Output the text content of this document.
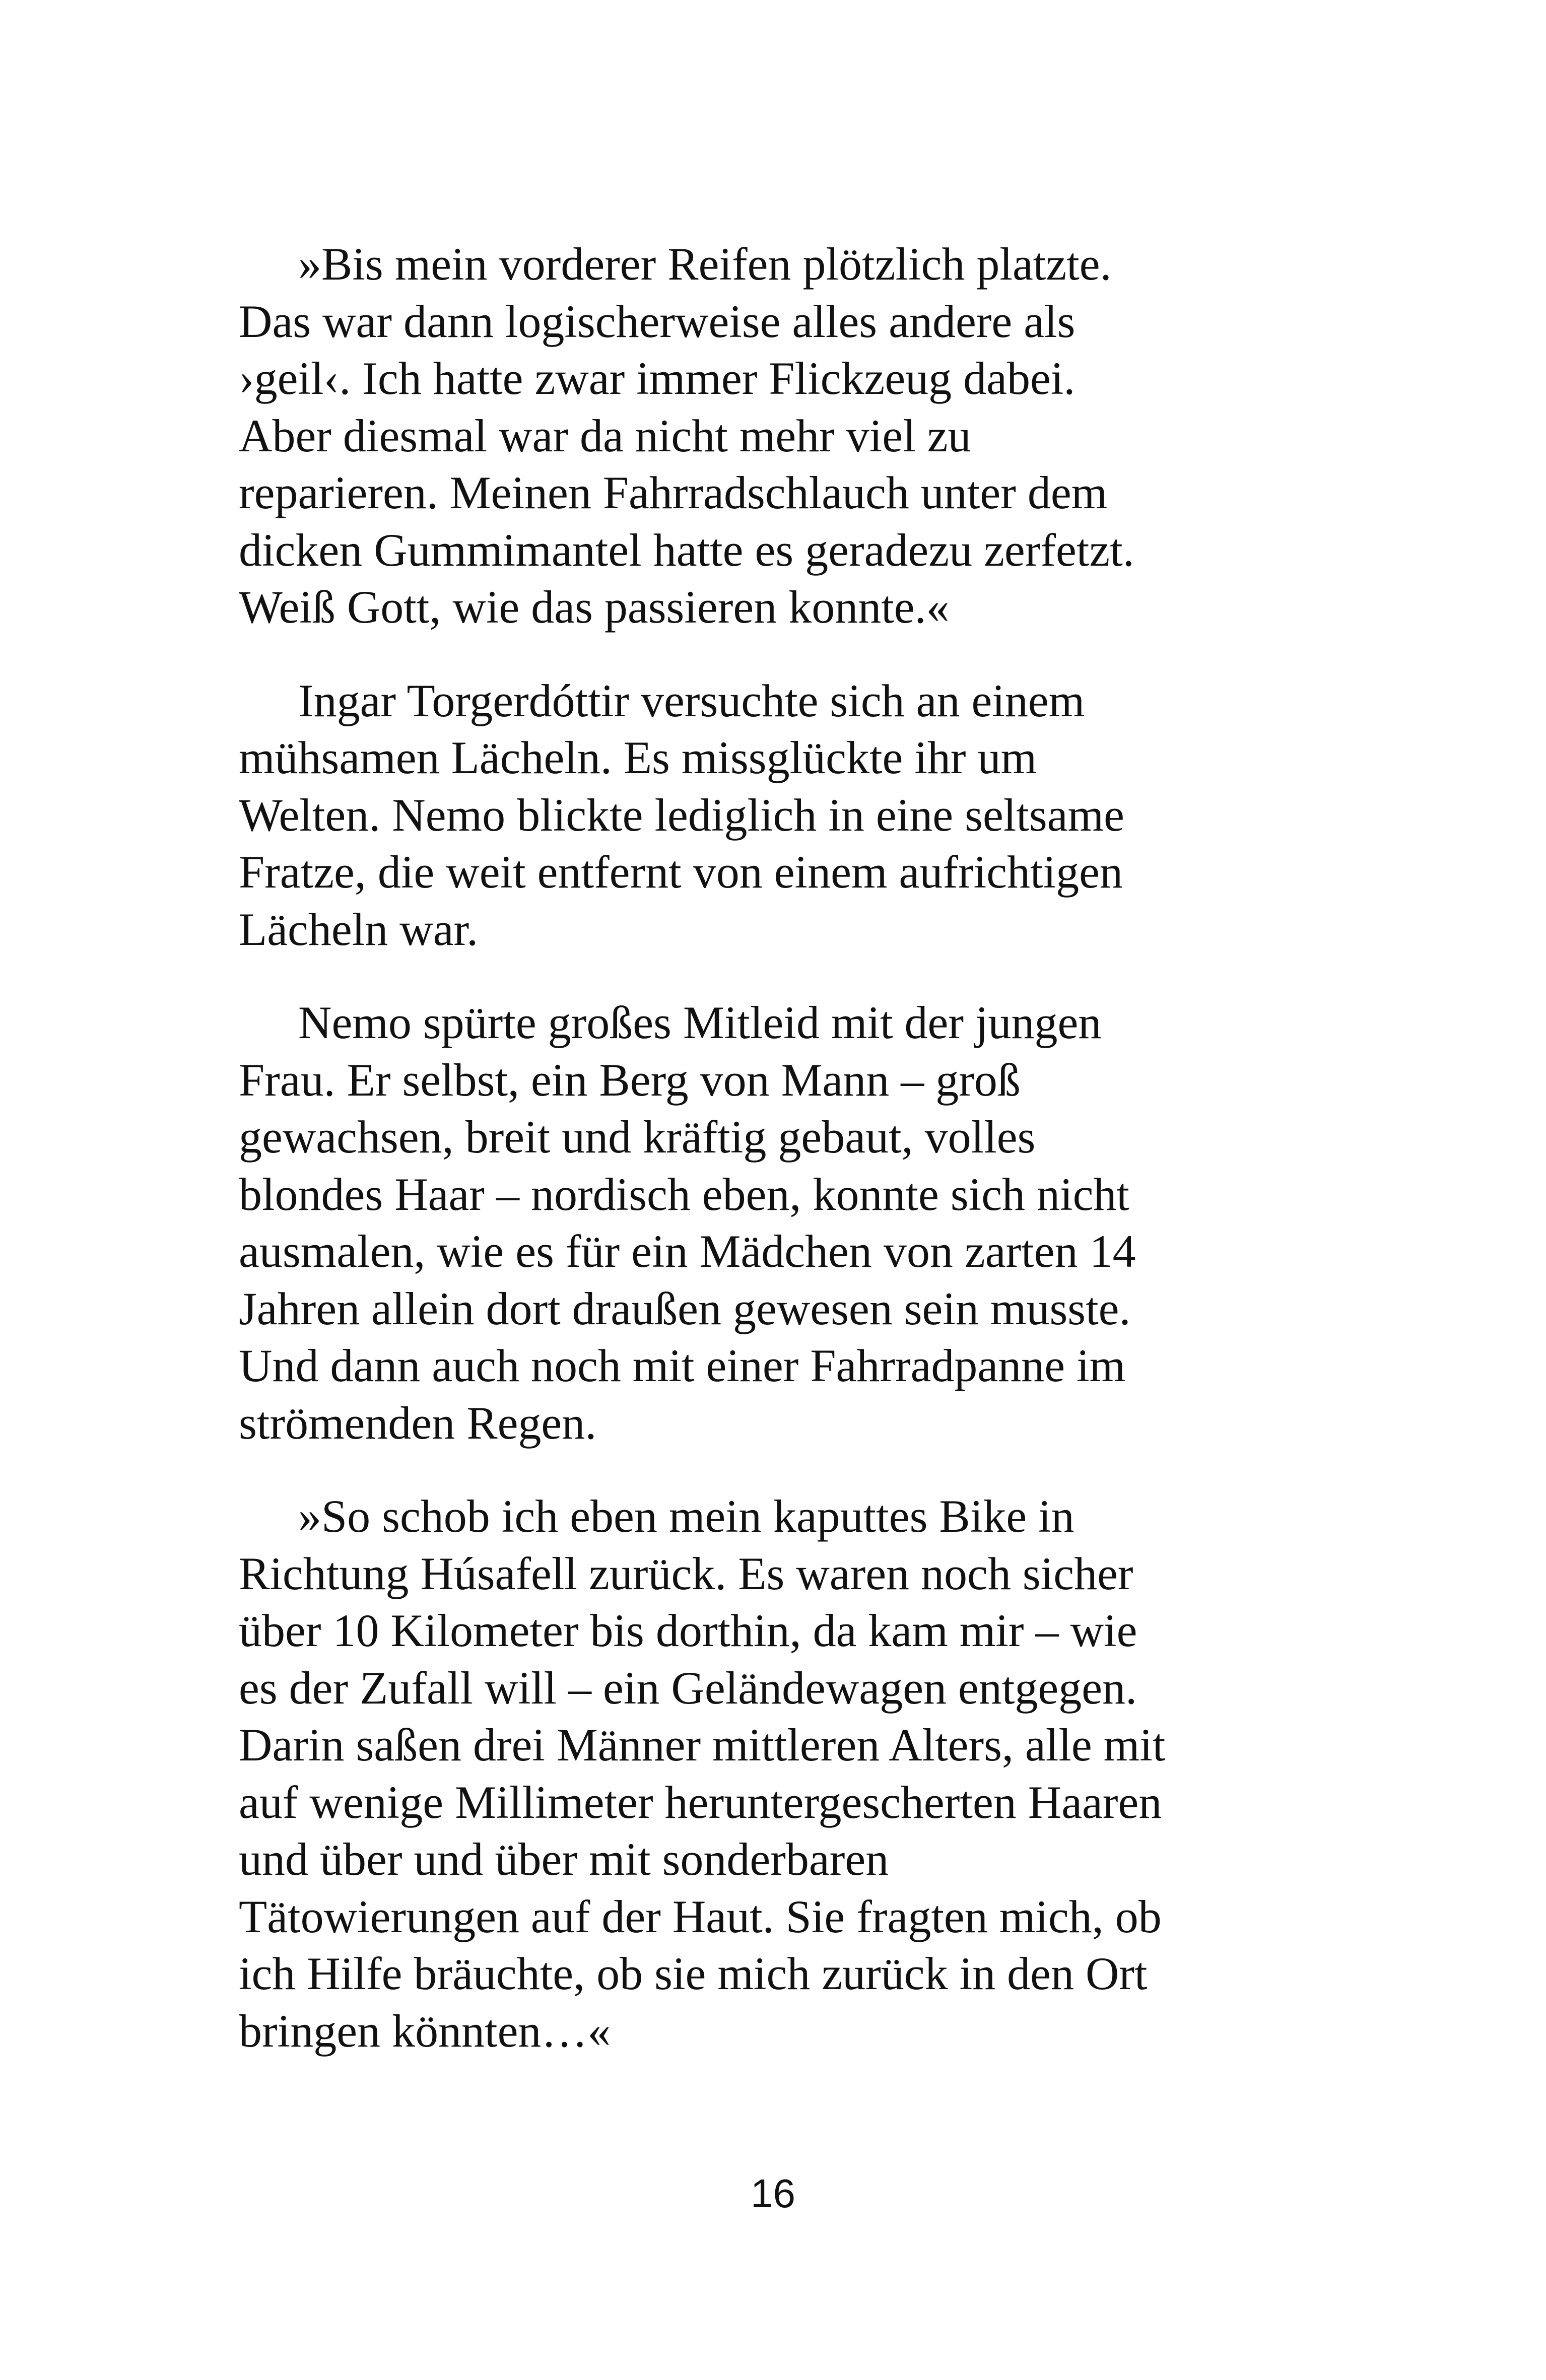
»Bis mein vorderer Reifen plötzlich platzte.
Das war dann logischerweise alles andere als
›geil‹. Ich hatte zwar immer Flickzeug dabei.
Aber diesmal war da nicht mehr viel zu
reparieren. Meinen Fahrradschlauch unter dem
dicken Gummimantel hatte es geradezu zerfetzt.
Weiß Gott, wie das passieren konnte.«

Ingar Torgerdóttir versuchte sich an einem
mühsamen Lächeln. Es missglückte ihr um
Welten. Nemo blickte lediglich in eine seltsame
Fratze, die weit entfernt von einem aufrichtigen
Lächeln war.

Nemo spürte großes Mitleid mit der jungen
Frau. Er selbst, ein Berg von Mann – groß
gewachsen, breit und kräftig gebaut, volles
blondes Haar – nordisch eben, konnte sich nicht
ausmalen, wie es für ein Mädchen von zarten 14
Jahren allein dort draußen gewesen sein musste.
Und dann auch noch mit einer Fahrradpanne im
strömenden Regen.

»So schob ich eben mein kaputtes Bike in
Richtung Húsafell zurück. Es waren noch sicher
über 10 Kilometer bis dorthin, da kam mir – wie
es der Zufall will – ein Geländewagen entgegen.
Darin saßen drei Männer mittleren Alters, alle mit
auf wenige Millimeter heruntergescherten Haaren
und über und über mit sonderbaren
Tätowierungen auf der Haut. Sie fragten mich, ob
ich Hilfe bräuchte, ob sie mich zurück in den Ort
bringen könnten…«

16
